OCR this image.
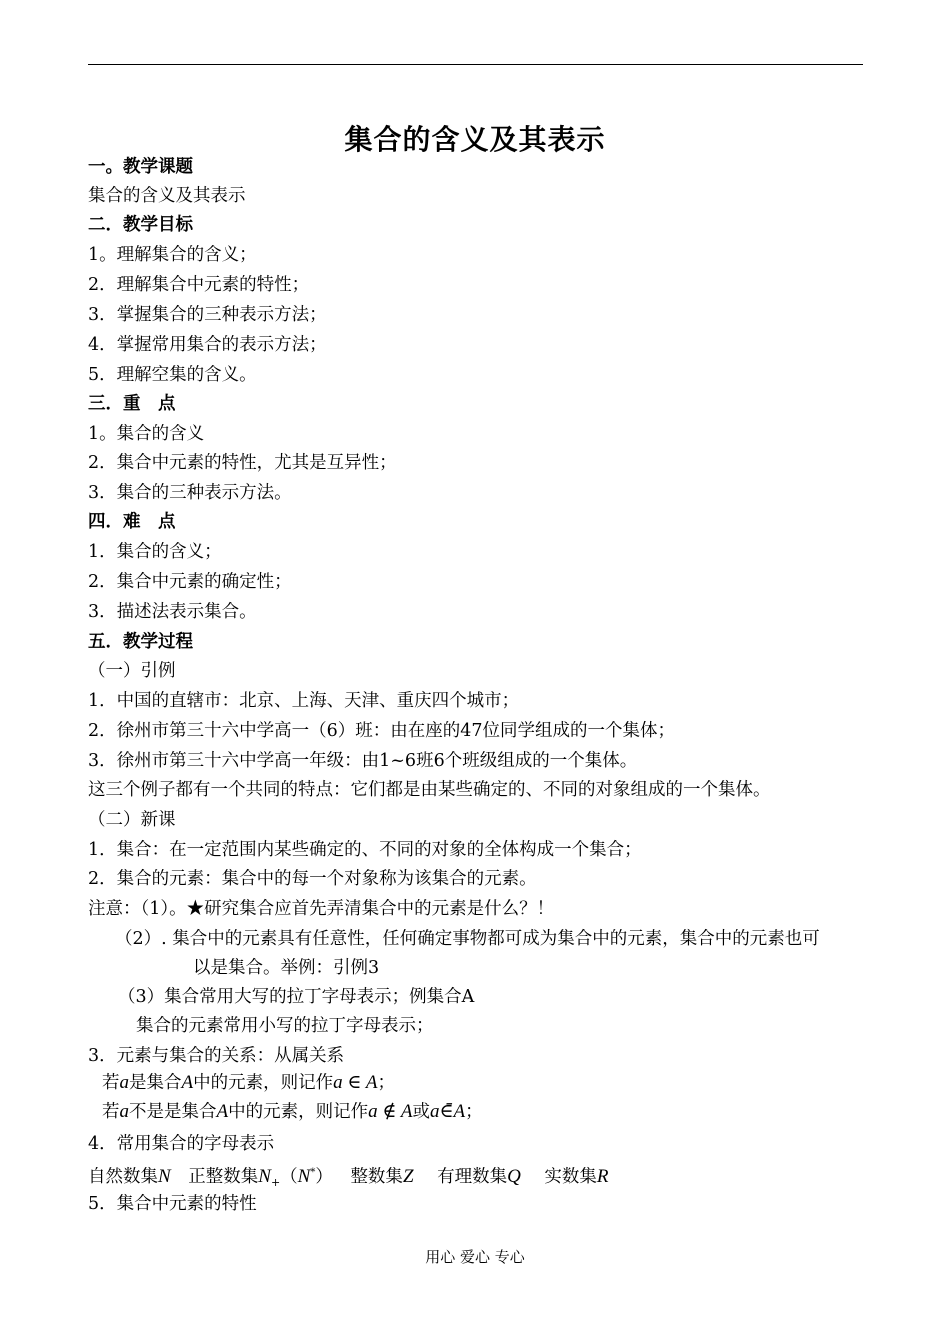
集合的含义及其表示
一。教学课题
集合的含义及其表示
二．教学目标
1。理解集合的含义；
2．理解集合中元素的特性；
3．掌握集合的三种表示方法；
4．掌握常用集合的表示方法；
5．理解空集的含义。
三．重　点
1。集合的含义
2．集合中元素的特性，尤其是互异性；
3．集合的三种表示方法。
四．难　点
1．集合的含义；
2．集合中元素的确定性；
3．描述法表示集合。
五．教学过程
（一）引例
1．中国的直辖市：北京、上海、天津、重庆四个城市；
2．徐州市第三十六中学高一（6）班：由在座的47位同学组成的一个集体；
3．徐州市第三十六中学高一年级：由1~6班6个班级组成的一个集体。
这三个例子都有一个共同的特点：它们都是由某些确定的、不同的对象组成的一个集体。
（二）新课
1．集合：在一定范围内某些确定的、不同的对象的全体构成一个集合；
2．集合的元素：集合中的每一个对象称为该集合的元素。
注意：（1）。★研究集合应首先弄清集合中的元素是什么？！
（2）. 集合中的元素具有任意性，任何确定事物都可成为集合中的元素，集合中的元素也可
以是集合。举例：引例3
（3）集合常用大写的拉丁字母表示；例集合A
集合的元素常用小写的拉丁字母表示；
3．元素与集合的关系：从属关系
若a是集合A中的元素，则记作a ∈ A；
若a不是是集合A中的元素，则记作a ∉ A或a∈̄A；
4．常用集合的字母表示
自然数集N 正整数集$N_+(N^*)$ 整数集Z 有理数集Q 实数集R
5．集合中元素的特性
用心 爱心 专心
